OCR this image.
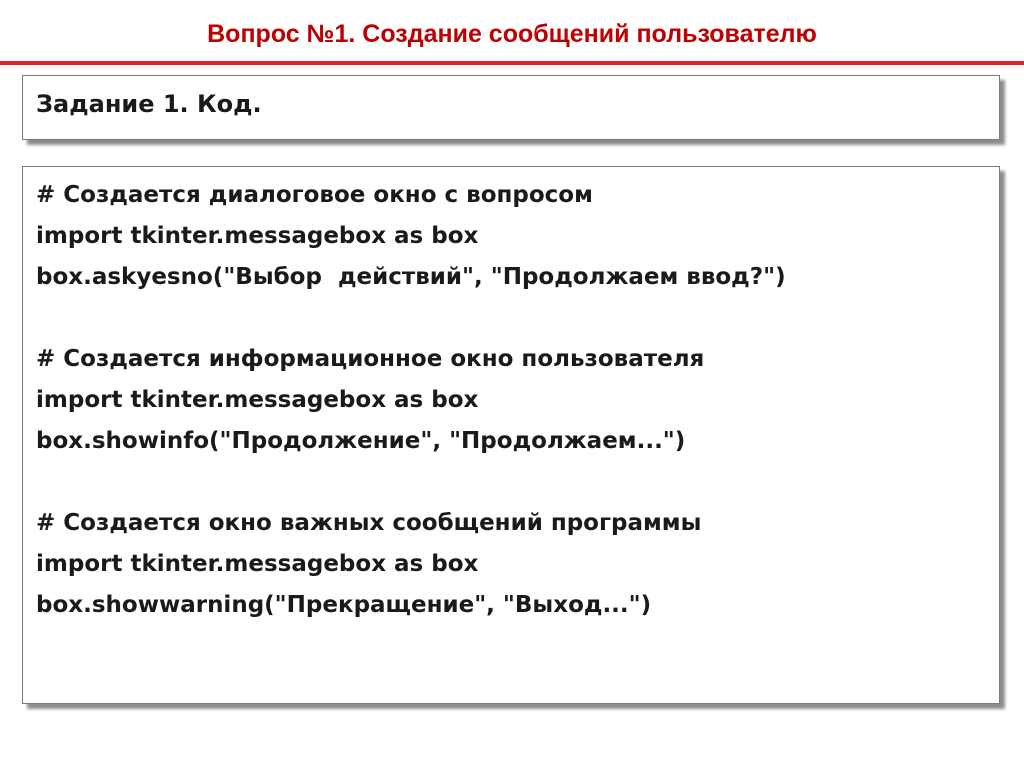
Вопрос №1. Создание сообщений пользователю
Задание 1. Код.
# Создается диалоговое окно с вопросом
import tkinter.messagebox as box
box.askyesno("Выбор  действий", "Продолжаем ввод?")
# Создается информационное окно пользователя
import tkinter.messagebox as box
box.showinfo("Продолжение", "Продолжаем...")
# Создается окно важных сообщений программы
import tkinter.messagebox as box
box.showwarning("Прекращение", "Выход...")
